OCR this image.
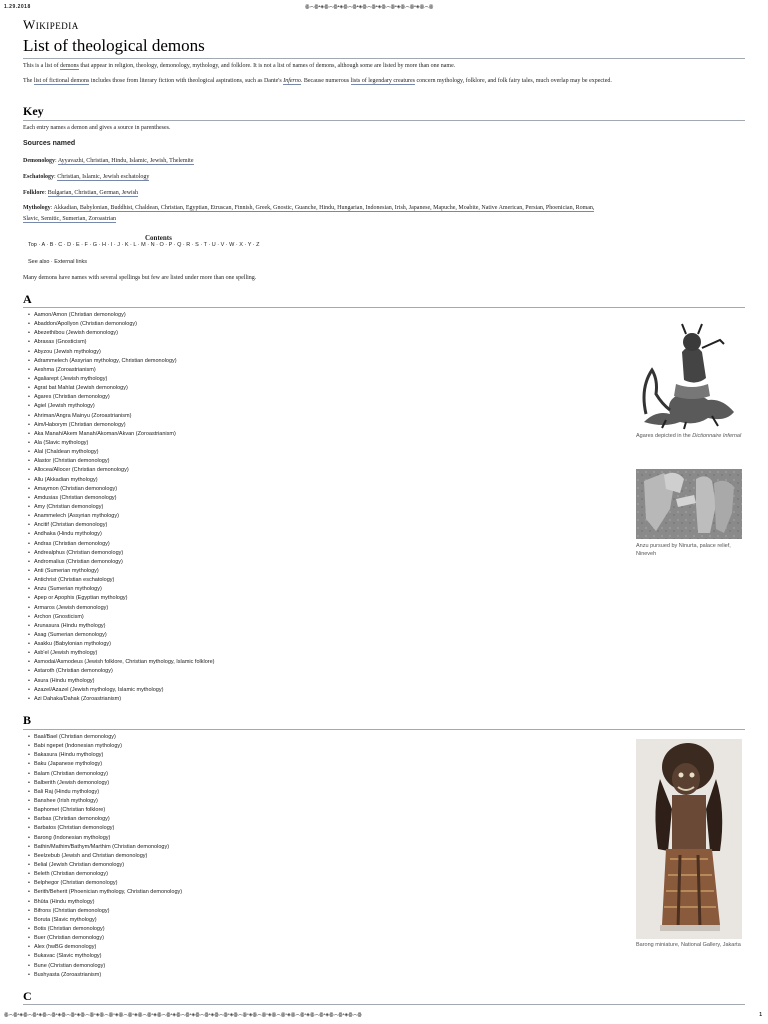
1.29.2018	ꙮ෴ꙮ•◈ꙮ෴ꙮ•◈ꙮ෴ꙮ•◈ꙮ෴ꙮ•◈ꙮ෴ꙮ•◈ꙮ෴ꙮ•◈ꙮ෴ꙮ
Wikipedia
List of theological demons
This is a list of demons that appear in religion, theology, demonology, mythology, and folklore. It is not a list of names of demons, although some are listed by more than one name.
The list of fictional demons includes those from literary fiction with theological aspirations, such as Dante's Inferno. Because numerous lists of legendary creatures concern mythology, folklore, and folk fairy tales, much overlap may be expected.
Key
Each entry names a demon and gives a source in parentheses.
Sources named
Demonology: Ayyavazhi, Christian, Hindu, Islamic, Jewish, Thelemite
Eschatology: Christian, Islamic, Jewish eschatology
Folklore: Bulgarian, Christian, German, Jewish
Mythology: Akkadian, Babylonian, Buddhist, Chaldean, Christian, Egyptian, Etruscan, Finnish, Greek, Gnostic, Guanche, Hindu, Hungarian, Indonesian, Irish, Japanese, Mapuche, Moabite, Native American, Persian, Phoenician, Roman,
Slavic, Semitic, Sumerian, Zoroastrian
Contents
Top · A · B · C · D · E · F · G · H · I · J · K · L · M · N · O · P · Q · R · S · T · U · V · W · X · Y · Z
See also · External links
Many demons have names with several spellings but few are listed under more than one spelling.
A
• Aamon/Amon (Christian demonology)
• Abaddon/Apollyon (Christian demonology)
• Abezethibou (Jewish demonology)
• Abraxas (Gnosticism)
• Abyzou (Jewish mythology)
• Adrammelech (Assyrian mythology, Christian demonology)
• Aeshma (Zoroastrianism)
• Agaliarept (Jewish mythology)
• Agrat bat Mahlat (Jewish demonology)
• Agares (Christian demonology)
• Agiel (Jewish mythology)
• Ahriman/Angra Mainyu (Zoroastrianism)
• Aim/Haborym (Christian demonology)
• Aka Manah/Akem Manah/Akoman/Akvan (Zoroastrianism)
• Ala (Slavic mythology)
• Alal (Chaldean mythology)
• Alastor (Christian demonology)
• Allocea/Allocer (Christian demonology)
• Allu (Akkadian mythology)
• Amaymon (Christian demonology)
• Amdusias (Christian demonology)
• Amy (Christian demonology)
• Anammelech (Assyrian mythology)
• Ancitif (Christian demonology)
• Andhaka (Hindu mythology)
• Andras (Christian demonology)
• Andrealphus (Christian demonology)
• Andromalius (Christian demonology)
• Anti (Sumerian mythology)
• Antichrist (Christian eschatology)
• Anzu (Sumerian mythology)
• Apep or Apophis (Egyptian mythology)
• Armaros (Jewish demonology)
• Archon (Gnosticism)
• Arunasura (Hindu mythology)
• Asag (Sumerian demonology)
• Asakku (Babylonian mythology)
• Asb'el (Jewish mythology)
• Asmodai/Asmodeus (Jewish folklore, Christian mythology, Islamic folklore)
• Astaroth (Christian demonology)
• Asura (Hindu mythology)
• Azazel/Azazel (Jewish mythology, Islamic mythology)
• Azi Dahaka/Dahak (Zoroastrianism)
Agares depicted in the Dictionnaire Infernal
Anzu pursued by Ninurta, palace relief, Nineveh
B
• Baal/Bael (Christian demonology)
• Babi ngepet (Indonesian mythology)
• Bakasura (Hindu mythology)
• Baku (Japanese mythology)
• Balam (Christian demonology)
• Balberith (Jewish demonology)
• Bali Raj (Hindu mythology)
• Banshee (Irish mythology)
• Baphomet (Christian folklore)
• Barbas (Christian demonology)
• Barbatos (Christian demonology)
• Barong (Indonesian mythology)
• Bathin/Mathim/Bathym/Marthim (Christian demonology)
• Beelzebub (Jewish and Christian demonology)
• Belial (Jewish Christian demonology)
• Beleth (Christian demonology)
• Belphegor (Christian demonology)
• Berith/Beherit (Phoenician mythology, Christian demonology)
• Bhūta (Hindu mythology)
• Bifrons (Christian demonology)
• Boruta (Slavic mythology)
• Botis (Christian demonology)
• Buer (Christian demonology)
• Alex (hwBG demonology)
• Bukavac (Slavic mythology)
• Bune (Christian demonology)
• Bushyasta (Zoroastrianism)
Barong miniature, National Gallery, Jakarta
C
ꙮ෴ꙮ•◈ꙮ෴ꙮ•◈ꙮ෴ꙮ•◈ꙮ෴ꙮ•◈ꙮ෴ꙮ•◈ꙮ෴ꙮ•◈ꙮ෴ꙮ•◈ꙮ෴ꙮ•◈ꙮ෴ꙮ•◈ꙮ෴ꙮ•◈ꙮ෴ꙮ•◈ꙮ෴ꙮ•◈ꙮ෴ꙮ•◈ꙮ෴ꙮ•◈ꙮ෴ꙮ•◈ꙮ෴ꙮ•◈ꙮ෴ꙮ•◈ꙮ෴ꙮ•◈ꙮ෴ꙮ	1
